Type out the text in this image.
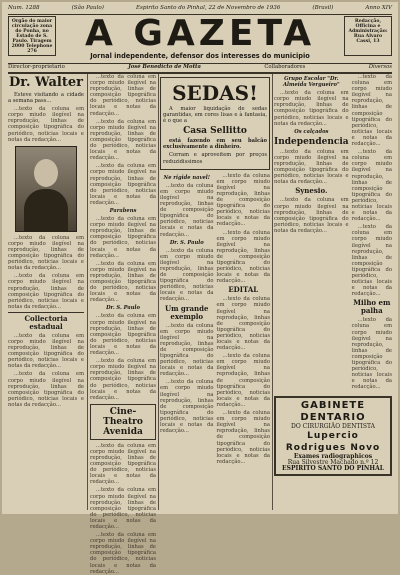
Num. 1288	(São Paulo)	Espirito Santo do Pinhal, 22 de Novembro de 1936	(Brasil)	Anno XIV
Orgão do maior circulação zona do Ponha, no Estado de S. Paulo. Tiragem 2000 Telephone 276
Redacção, Officina e Administração: Rua Alvaro Cassi, 13
A GAZETA
Jornal independente, defensor dos interesses do municipio
Director-proprietario	José Benedicto de Motta	Collaboradores	Diversos
Dr. Walter

Esteve visitando a cidade a semana pass...

...texto da coluna em corpo miudo ilegível na reprodução, linhas de composição tipográfica do periódico, noticias locais e notas da redacção...

...texto da coluna em corpo miudo ilegível na reprodução, linhas de composição tipográfica do periódico, noticias locais e notas da redacção...

...texto da coluna em corpo miudo ilegível na reprodução, linhas de composição tipográfica do periódico, noticias locais e notas da redacção...

Collectoria estadual

...texto da coluna em corpo miudo ilegível na reprodução, linhas de composição tipográfica do periódico, noticias locais e notas da redacção...

...texto da coluna em corpo miudo ilegível na reprodução, linhas de composição tipográfica do periódico, noticias locais e notas da redacção...

...texto da coluna em corpo miudo ilegível na reprodução, linhas de composição tipográfica do periódico, noticias locais e notas da redacção...

...texto da coluna em corpo miudo ilegível na reprodução, linhas de composição tipográfica do periódico, noticias locais e notas da redacção...

...texto da coluna em corpo miudo ilegível na reprodução, linhas de composição tipográfica do periódico, noticias locais e notas da redacção...

Parabens

...texto da coluna em corpo miudo ilegível na reprodução, linhas de composição tipográfica do periódico, noticias locais e notas da redacção...

...texto da coluna em corpo miudo ilegível na reprodução, linhas de composição tipográfica do periódico, noticias locais e notas da redacção...

Dr. S. Paulo

...texto da coluna em corpo miudo ilegível na reprodução, linhas de composição tipográfica do periódico, noticias locais e notas da redacção...

...texto da coluna em corpo miudo ilegível na reprodução, linhas de composição tipográfica do periódico, noticias locais e notas da redacção...

Cine-Theatro Avenida

...texto da coluna em corpo miudo ilegível na reprodução, linhas de composição tipográfica do periódico, noticias locais e notas da redacção...

...texto da coluna em corpo miudo ilegível na reprodução, linhas de composição tipográfica do periódico, noticias locais e notas da redacção...

...texto da coluna em corpo miudo ilegível na reprodução, linhas de composição tipográfica do periódico, noticias locais e notas da redacção...

SEDAS!

A maior liquidação de sedas garantidas, em cores lisas e à fantasia, é o que a

Casa Sellitto

está fazendo em seu balcão exclusivamente a dinheiro.

Corram e aproveitem por preços reduzidissimos

Ne rigide navel!

...texto da coluna em corpo miudo ilegível na reprodução, linhas de composição tipográfica do periódico, noticias locais e notas da redacção...

Dr. S. Paulo

...texto da coluna em corpo miudo ilegível na reprodução, linhas de composição tipográfica do periódico, noticias locais e notas da redacção...

Um grande exemplo

...texto da coluna em corpo miudo ilegível na reprodução, linhas de composição tipográfica do periódico, noticias locais e notas da redacção...

...texto da coluna em corpo miudo ilegível na reprodução, linhas de composição tipográfica do periódico, noticias locais e notas da redacção...

...texto da coluna em corpo miudo ilegível na reprodução, linhas de composição tipográfica do periódico, noticias locais e notas da redacção...

...texto da coluna em corpo miudo ilegível na reprodução, linhas de composição tipográfica do periódico, noticias locais e notas da redacção...

EDITAL

...texto da coluna em corpo miudo ilegível na reprodução, linhas de composição tipográfica do periódico, noticias locais e notas da redacção...

...texto da coluna em corpo miudo ilegível na reprodução, linhas de composição tipográfica do periódico, noticias locais e notas da redacção...

...texto da coluna em corpo miudo ilegível na reprodução, linhas de composição tipográfica do periódico, noticias locais e notas da redacção...

Grupo Escolar "Dr. Almeida Vergueiro"

...texto da coluna em corpo miudo ilegível na reprodução, linhas de composição tipográfica do periódico, noticias locais e notas da redacção...

Os calçados
Independencia

...texto da coluna em corpo miudo ilegível na reprodução, linhas de composição tipográfica do periódico, noticias locais e notas da redacção...

Synesio.

...texto da coluna em corpo miudo ilegível na reprodução, linhas de composição tipográfica do periódico, noticias locais e notas da redacção...

...texto da coluna em corpo miudo ilegível na reprodução, linhas de composição tipográfica do periódico, noticias locais e notas da redacção...

...texto da coluna em corpo miudo ilegível na reprodução, linhas de composição tipográfica do periódico, noticias locais e notas da redacção...

...texto da coluna em corpo miudo ilegível na reprodução, linhas de composição tipográfica do periódico, noticias locais e notas da redacção...

Milho em palha

...texto da coluna em corpo miudo ilegível na reprodução, linhas de composição tipográfica do periódico, noticias locais e notas da redacção...

GABINETE DENTARIO
DO CIRURGIÃO DENTISTA
Lupercio Rodrigues Novo
Exames radiographicos
Rua Silvestre Machado n.º 12
ESPIRITO SANTO DO PINHAL
